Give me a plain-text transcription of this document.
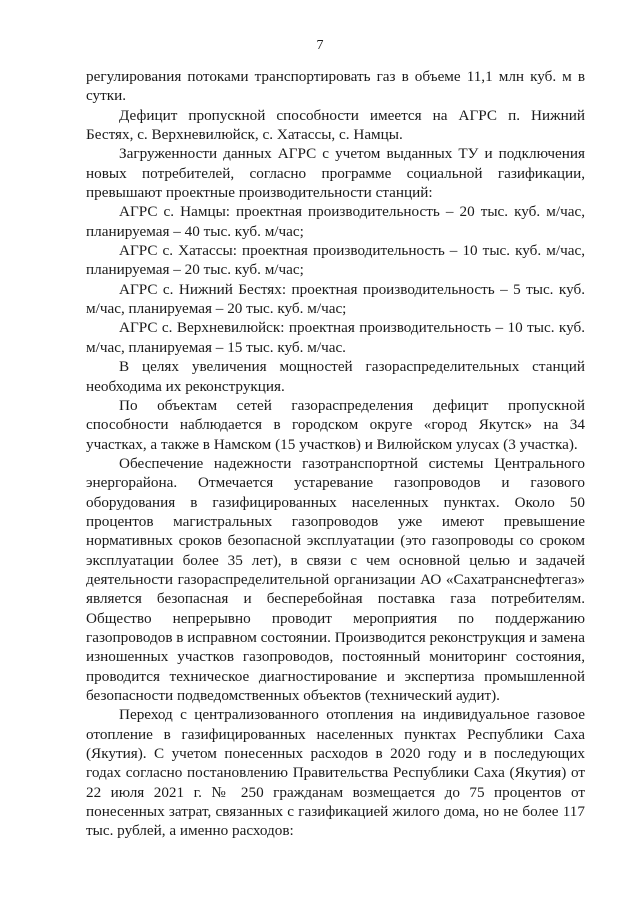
7

регулирования потоками транспортировать газ в объеме 11,1 млн куб. м в сутки.

Дефицит пропускной способности имеется на АГРС п. Нижний Бестях, с. Верхневилюйск, с. Хатассы, с. Намцы.

Загруженности данных АГРС с учетом выданных ТУ и подключения новых потребителей, согласно программе социальной газификации, превышают проектные производительности станций:

АГРС с. Намцы: проектная производительность – 20 тыс. куб. м/час, планируемая – 40 тыс. куб. м/час;

АГРС с. Хатассы: проектная производительность – 10 тыс. куб. м/час, планируемая – 20 тыс. куб. м/час;

АГРС с. Нижний Бестях: проектная производительность – 5 тыс. куб. м/час, планируемая – 20 тыс. куб. м/час;

АГРС с. Верхневилюйск: проектная производительность – 10 тыс. куб. м/час, планируемая – 15 тыс. куб. м/час.

В целях увеличения мощностей газораспределительных станций необходима их реконструкция.

По объектам сетей газораспределения дефицит пропускной способности наблюдается в городском округе «город Якутск» на 34 участках, а также в Намском (15 участков) и Вилюйском улусах (3 участка).

Обеспечение надежности газотранспортной системы Центрального энергорайона. Отмечается устаревание газопроводов и газового оборудования в газифицированных населенных пунктах. Около 50 процентов магистральных газопроводов уже имеют превышение нормативных сроков безопасной эксплуатации (это газопроводы со сроком эксплуатации более 35 лет), в связи с чем основной целью и задачей деятельности газораспределительной организации АО «Сахатранснефтегаз» является безопасная и бесперебойная поставка газа потребителям. Общество непрерывно проводит мероприятия по поддержанию газопроводов в исправном состоянии. Производится реконструкция и замена изношенных участков газопроводов, постоянный мониторинг состояния, проводится техническое диагностирование и экспертиза промышленной безопасности подведомственных объектов (технический аудит).

Переход с централизованного отопления на индивидуальное газовое отопление в газифицированных населенных пунктах Республики Саха (Якутия). С учетом понесенных расходов в 2020 году и в последующих годах согласно постановлению Правительства Республики Саха (Якутия) от 22 июля 2021 г. № 250 гражданам возмещается до 75 процентов от понесенных затрат, связанных с газификацией жилого дома, но не более 117 тыс. рублей, а именно расходов:
